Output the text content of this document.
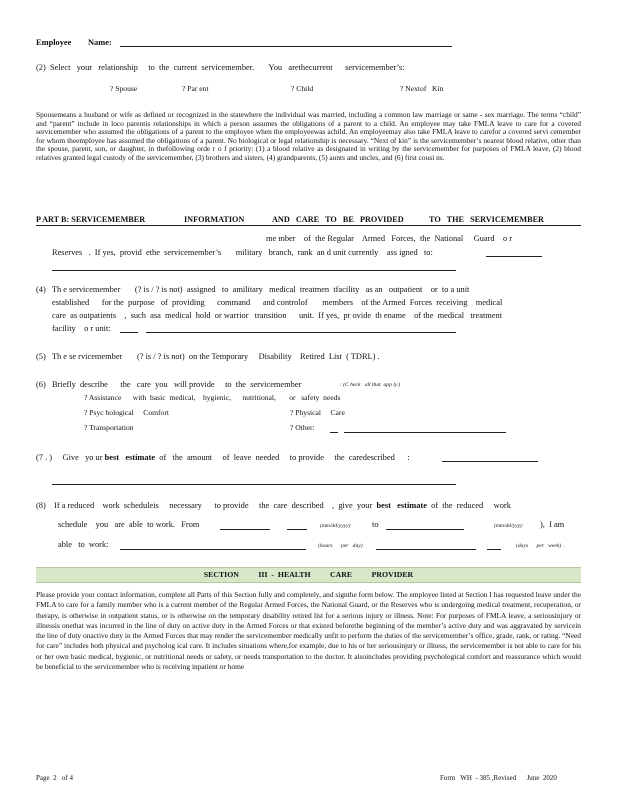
Employee Name:
(2)  Select   your   relationship     to  the  current  servicemember.       You   arethecurrent      servicemember’s:
? Spouse	? Par ent	? Child	? Nextof   Kin
Spousemeans a husband or wife as defined or recognized in the statewhere the individual was married, including a common law marriage or same - sex marriage. The terms “child” and “parent” include in loco parentis relationships in which a person assumes the obligations of a parent to a child. An employee may take FMLA leave to care for a covered servicemember who assumed the obligations of a parent to the employee when the employeewas achild. An employeemay also take FMLA leave to carefor a covered servi cemember for whom theemployee has assumed the obligations of a parent. No biological or legal relationship is necessary. “Next of kin” is the servicemember’s nearest blood relative, other than the spouse, parent, son, or daughter, in thefollowing orde r o f priority: (1) a blood relative as designated in writing by the servicemember for purposes of FMLA leave, (2) blood relatives granted legal custody of the servicemember, (3) brothers and sisters, (4) grandparents, (5) aunts and uncles, and (6) first cousi ns.
P ART B: SERVICEMEMBER	INFORMATION	AND   CARE   TO   BE   PROVIDED	TO   THE   SERVICEMEMBER

me mber    of  the Regular    Armed   Forces,  the  National     Guard    o r
Reserves   .  If yes,  provid  ethe  servicemember’s       military   branch,  rank  an d unit currently    ass igned   to:
(4)   Th e servicemember       (? is / ? is not)  assigned   to  amilitary   medical  treatmen  tfacility   as an   outpatient    or  to a unit
established      for the  purpose   of  providing      command      and controlof       members    of the Armed  Forces  receiving    medical
care  as outpatients    ,  such  asa  medical  hold  or warrior   transition      unit.  If yes,  pr ovide  th ename    of the  medical   treatment
facility    o r unit:
(5)   Th e se rvicemember       (? is / ? is not)  on the Temporary     Disability    Retired  List  ( TDRL) .
(6)   Briefly  describe      the   care  you   will provide     to  the  servicemember	: (C heck   all that  app ly.)
? Assistance      with  basic  medical,    hygienic,      nutritional,       or   safety  needs
? Psyc hological     Comfort	? Physical     Care
? Transportation	? Other:
(7 . )     Give   yo ur best   estimate  of   the  amount     of  leave  needed     to provide     the  caredescribed      :
(8)    If a reduced    work  scheduleis     necessary      to provide     the  care  described    ,  give  your  best   estimate  of  the  reduced     work
schedule    you   are  able  to work.   From	(mm/dd/yyyy)	to	(mm/dd/yyyy ),  I am
able   to  work:	(hours      per   day)	(days      per   week)  .
SECTION          III  -  HEALTH          CARE          PROVIDER
Please provide your contact information, complete all Parts of this Section fully and completely, and signthe form below. The employee listed at Section I has requested leave under the FMLA to care for a family member who is a current member of the Regular Armed Forces, the National Guard, or the Reserves who is undergoing medical treatment, recuperation, or therapy, is otherwise in outpatient status, or is otherwise on the temporary disability retired list for a serious injury or illness. Note: For purposes of FMLA leave, a seriousinjury or illnessis onethat was incurred in the line of duty on active duty in the Armed Forces or that existed beforethe beginning of the member’s active duty and was aggravated by servicein the line of duty onactive duty in the Armed Forces that may render the servicemember medically unfit to perform the duties of the servicemember’s office, grade, rank, or rating. “Need for care” includes both physical and psycholog ical care. It includes situations where,for example, due to his or her seriousinjury or illness, the servicemember is not able to care for his or her own basic medical, hygienic, or nutritional needs or safety, or needs transportation to the doctor. It alsoincludes providing psychological comfort and reassurance which would be beneficial to the servicemember who is receiving inpatient or home
Page  2   of 4	Form   WH  - 385 ,Revised      June  2020
